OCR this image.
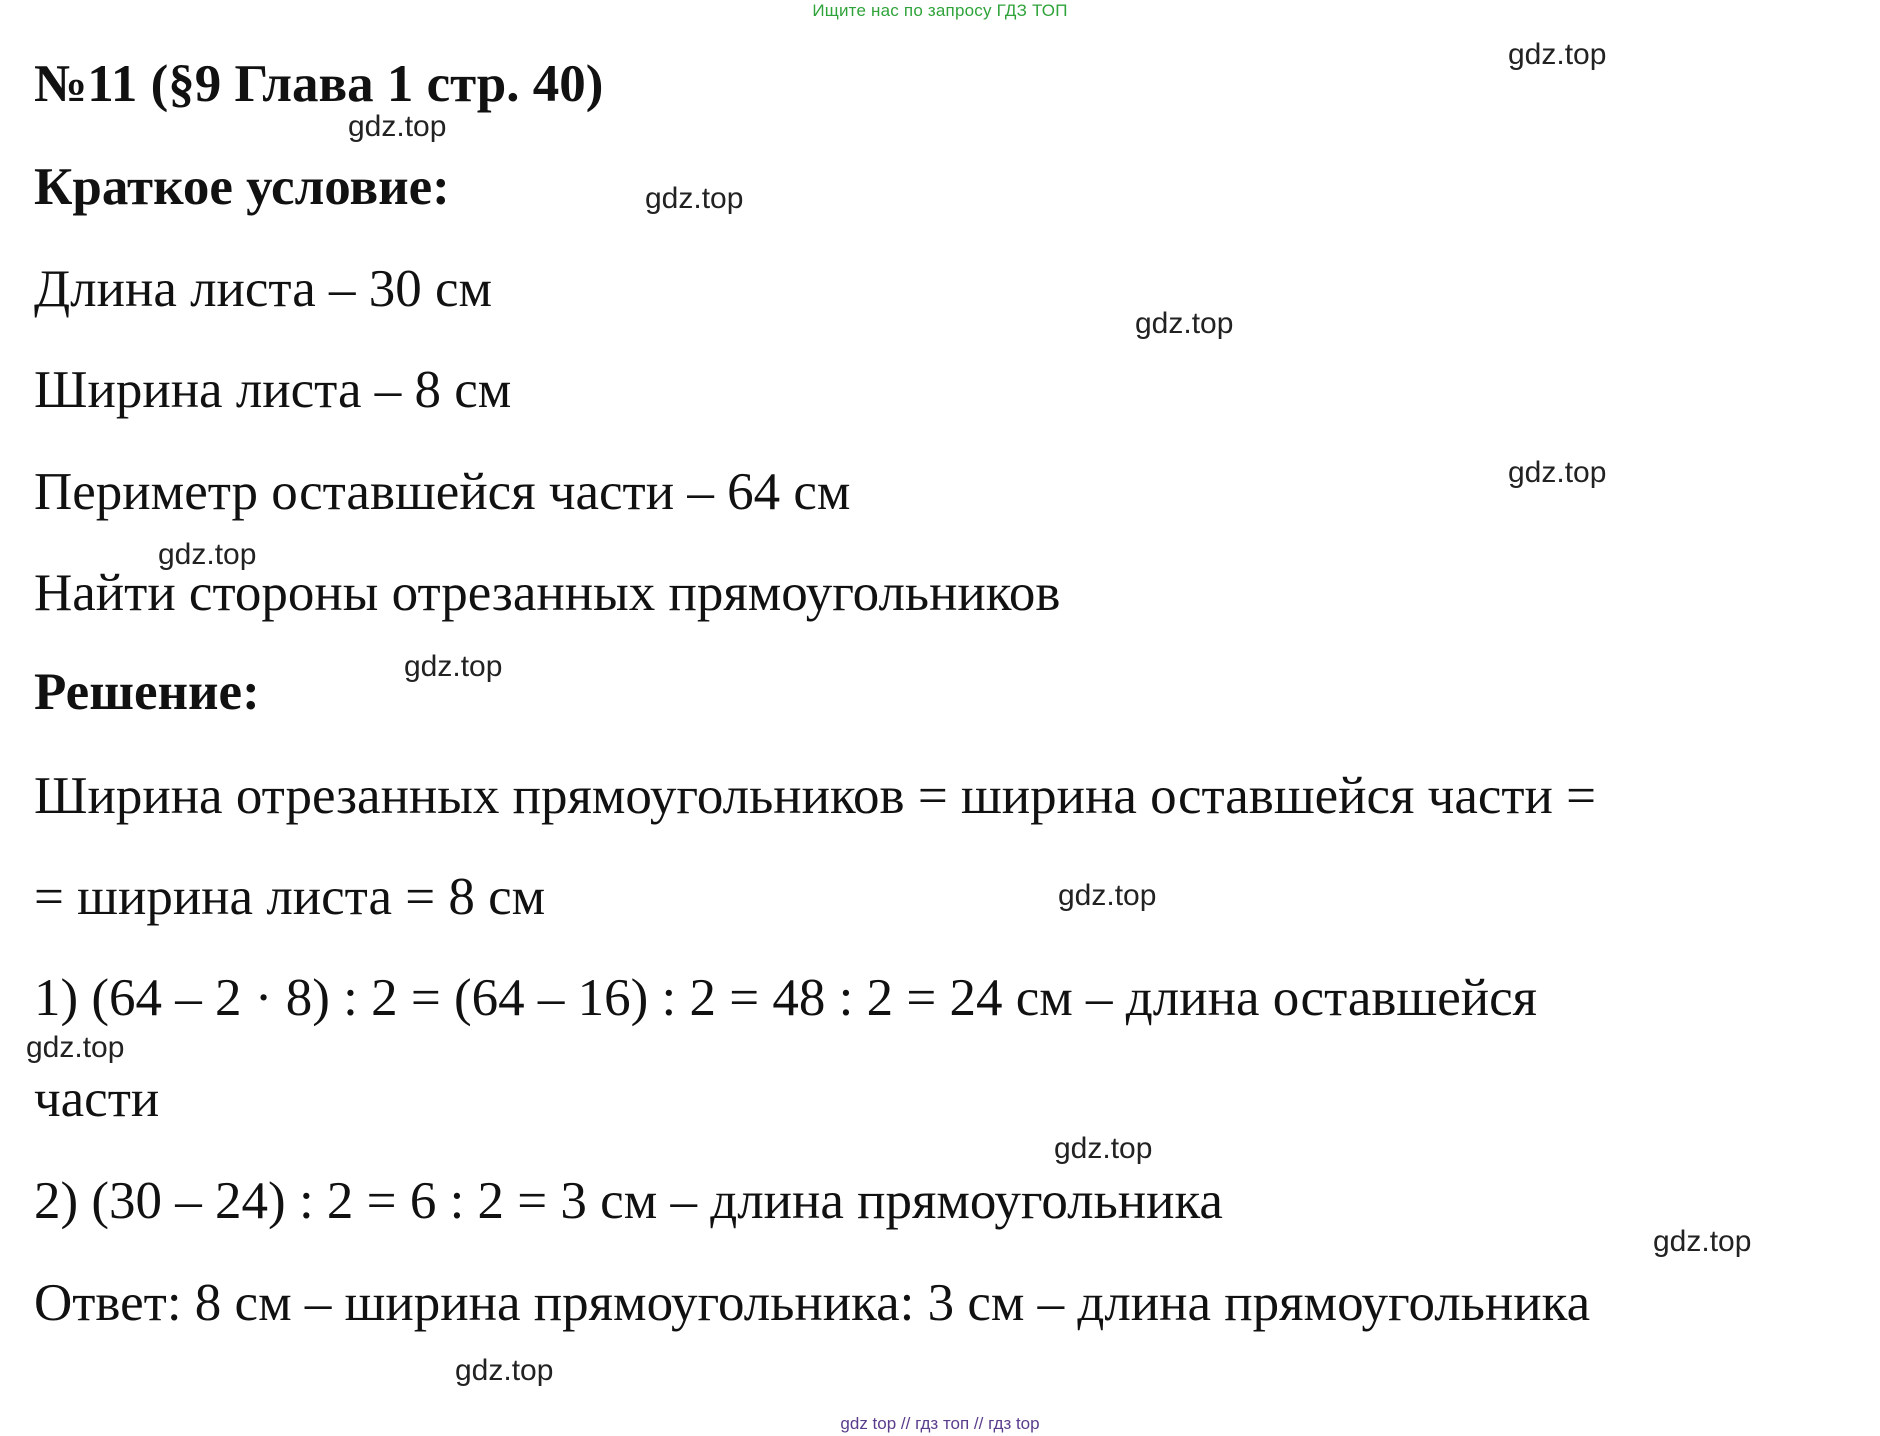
Ищите нас по запросу ГДЗ ТОП
№11 (§9 Глава 1 стр. 40)
Краткое условие:
Длина листа – 30 см
Ширина листа – 8 см
Периметр оставшейся части – 64 см
Найти стороны отрезанных прямоугольников
Решение:
Ширина отрезанных прямоугольников = ширина оставшейся части =
= ширина листа = 8 см
1) (64 – 2 · 8) : 2 = (64 – 16) : 2 = 48 : 2 = 24 см – длина оставшейся
части
2) (30 – 24) : 2 = 6 : 2 = 3 см – длина прямоугольника
Ответ: 8 см – ширина прямоугольника: 3 см – длина прямоугольника
gdz.top
gdz.top
gdz.top
gdz.top
gdz.top
gdz.top
gdz.top
gdz.top
gdz.top
gdz.top
gdz.top
gdz.top
gdz top // гдз топ // гдз top
